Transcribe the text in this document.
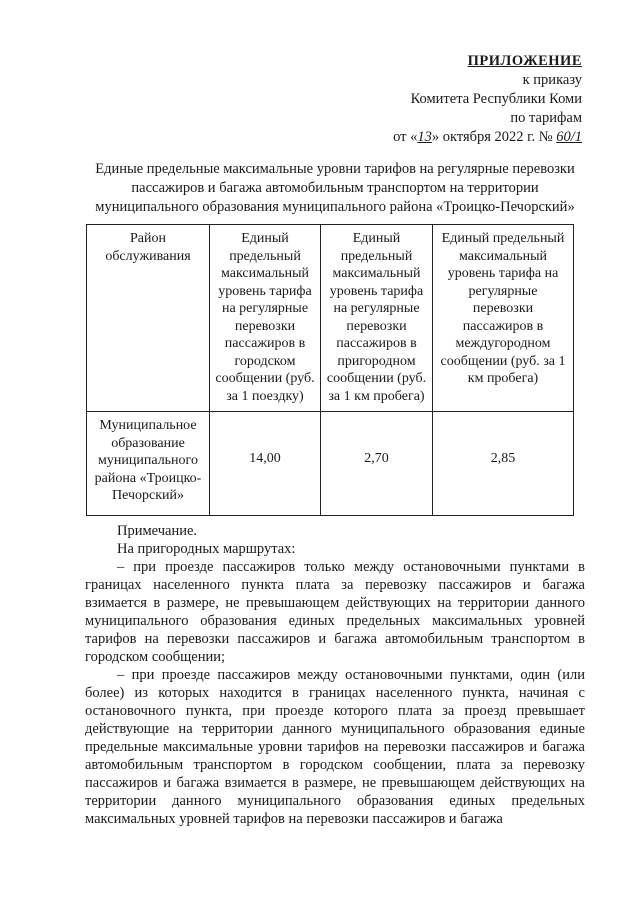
ПРИЛОЖЕНИЕ
к приказу
Комитета Республики Коми
по тарифам
от «13» октября 2022 г. № 60/1
Единые предельные максимальные уровни тарифов на регулярные перевозки
пассажиров и багажа автомобильным транспортом на территории
муниципального образования муниципального района «Троицко-Печорский»
Район обслуживания	Единый предельный максимальный уровень тарифа на регулярные перевозки пассажиров в городском сообщении (руб. за 1 поездку)	Единый предельный максимальный уровень тарифа на регулярные перевозки пассажиров в пригородном сообщении (руб. за 1 км пробега)	Единый предельный максимальный уровень тарифа на регулярные перевозки пассажиров в междугородном сообщении (руб. за 1 км пробега)
Муниципальное образование муниципального района «Троицко-Печорский»	14,00	2,70	2,85

Примечание.

На пригородных маршрутах:

– при проезде пассажиров только между остановочными пунктами в границах населенного пункта плата за перевозку пассажиров и багажа взимается в размере, не превышающем действующих на территории данного муниципального образования единых предельных максимальных уровней тарифов на перевозки пассажиров и багажа автомобильным транспортом в городском сообщении;

– при проезде пассажиров между остановочными пунктами, один (или более) из которых находится в границах населенного пункта, начиная с остановочного пункта, при проезде которого плата за проезд превышает действующие на территории данного муниципального образования единые предельные максимальные уровни тарифов на перевозки пассажиров и багажа автомобильным транспортом в городском сообщении, плата за перевозку пассажиров и багажа взимается в размере, не превышающем действующих на территории данного муниципального образования единых предельных максимальных уровней тарифов на перевозки пассажиров и багажа
